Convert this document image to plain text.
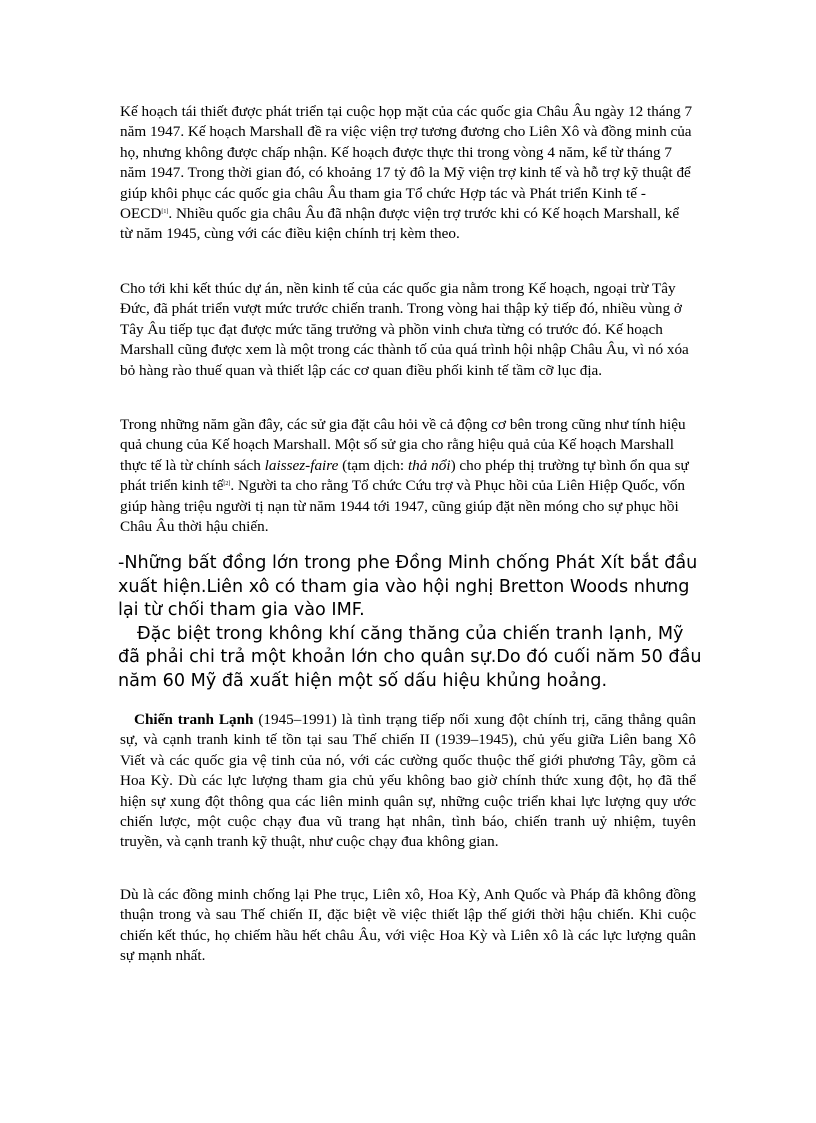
Kế hoạch tái thiết được phát triển tại cuộc họp mặt của các quốc gia Châu Âu ngày 12 tháng 7 năm 1947. Kế hoạch Marshall đề ra việc viện trợ tương đương cho Liên Xô và đồng minh của họ, nhưng không được chấp nhận. Kế hoạch được thực thi trong vòng 4 năm, kể từ tháng 7 năm 1947. Trong thời gian đó, có khoảng 17 tỷ đô la Mỹ viện trợ kinh tế và hỗ trợ kỹ thuật để giúp khôi phục các quốc gia châu Âu tham gia Tổ chức Hợp tác và Phát triển Kinh tế - OECD[1]. Nhiều quốc gia châu Âu đã nhận được viện trợ trước khi có Kế hoạch Marshall, kể từ năm 1945, cùng với các điều kiện chính trị kèm theo.

Cho tới khi kết thúc dự án, nền kinh tế của các quốc gia nằm trong Kế hoạch, ngoại trừ Tây Đức, đã phát triển vượt mức trước chiến tranh. Trong vòng hai thập kỷ tiếp đó, nhiều vùng ở Tây Âu tiếp tục đạt được mức tăng trưởng và phồn vinh chưa từng có trước đó. Kế hoạch Marshall cũng được xem là một trong các thành tố của quá trình hội nhập Châu Âu, vì nó xóa bỏ hàng rào thuế quan và thiết lập các cơ quan điều phối kinh tế tầm cỡ lục địa.

Trong những năm gần đây, các sử gia đặt câu hỏi về cả động cơ bên trong cũng như tính hiệu quả chung của Kế hoạch Marshall. Một số sử gia cho rằng hiệu quả của Kế hoạch Marshall thực tế là từ chính sách laissez-faire (tạm dịch: thả nổi) cho phép thị trường tự bình ổn qua sự phát triển kinh tế[2]. Người ta cho rằng Tổ chức Cứu trợ và Phục hồi của Liên Hiệp Quốc, vốn giúp hàng triệu người tị nạn từ năm 1944 tới 1947, cũng giúp đặt nền móng cho sự phục hồi Châu Âu thời hậu chiến.

-Những bất đồng lớn trong phe Đồng Minh chống Phát Xít bắt đầu xuất hiện.Liên xô có tham gia vào hội nghị Bretton Woods nhưng lại từ chối tham gia vào IMF.
Đặc biệt trong không khí căng thăng của chiến tranh lạnh, Mỹ đã phải chi trả một khoản lớn cho quân sự.Do đó cuối năm 50 đầu năm 60 Mỹ đã xuất hiện một số dấu hiệu khủng hoảng.

Chiến tranh Lạnh (1945–1991) là tình trạng tiếp nối xung đột chính trị, căng thẳng quân sự, và cạnh tranh kinh tế tồn tại sau Thế chiến II (1939–1945), chủ yếu giữa Liên bang Xô Viết và các quốc gia vệ tinh của nó, với các cường quốc thuộc thế giới phương Tây, gồm cả Hoa Kỳ. Dù các lực lượng tham gia chủ yếu không bao giờ chính thức xung đột, họ đã thể hiện sự xung đột thông qua các liên minh quân sự, những cuộc triển khai lực lượng quy ước chiến lược, một cuộc chạy đua vũ trang hạt nhân, tình báo, chiến tranh uỷ nhiệm, tuyên truyền, và cạnh tranh kỹ thuật, như cuộc chạy đua không gian.

Dù là các đồng minh chống lại Phe trục, Liên xô, Hoa Kỳ, Anh Quốc và Pháp đã không đồng thuận trong và sau Thế chiến II, đặc biệt về việc thiết lập thế giới thời hậu chiến. Khi cuộc chiến kết thúc, họ chiếm hầu hết châu Âu, với việc Hoa Kỳ và Liên xô là các lực lượng quân sự mạnh nhất.
